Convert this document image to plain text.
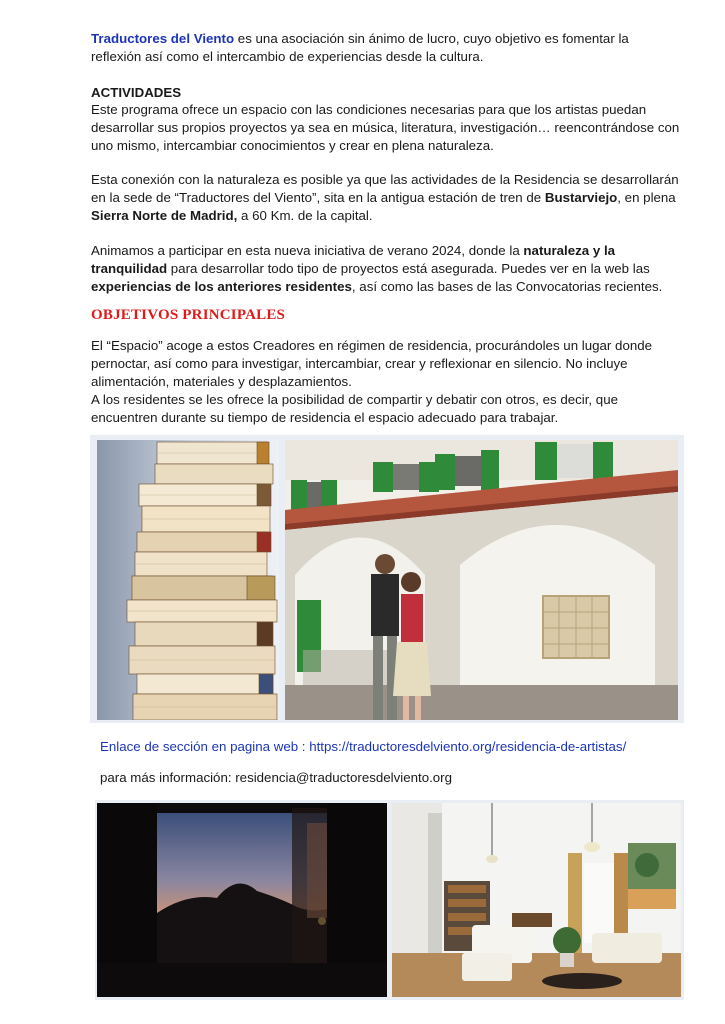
Traductores del Viento es una asociación sin ánimo de lucro, cuyo objetivo es fomentar la reflexión así como el intercambio de experiencias desde la cultura.

ACTIVIDADES

Este programa ofrece un espacio con las condiciones necesarias para que los artistas puedan desarrollar sus propios proyectos ya sea en música, literatura, investigación… reencontrándose con uno mismo, intercambiar conocimientos y crear en plena naturaleza.

Esta conexión con la naturaleza es posible ya que las actividades de la Residencia se desarrollarán en la sede de “Traductores del Viento”, sita en la antigua estación de tren de Bustarviejo, en plena Sierra Norte de Madrid, a 60 Km. de la capital.

Animamos a participar en esta nueva iniciativa de verano 2024, donde la naturaleza y la tranquilidad para desarrollar todo tipo de proyectos está asegurada. Puedes ver en la web las experiencias de los anteriores residentes, así como las bases de las Convocatorias recientes.

OBJETIVOS PRINCIPALES

El “Espacio” acoge a estos Creadores en régimen de residencia, procurándoles un lugar donde pernoctar, así como para investigar, intercambiar, crear y reflexionar en silencio. No incluye alimentación, materiales y desplazamientos.

A los residentes se les ofrece la posibilidad de compartir y debatir con otros, es decir, que encuentren durante su tiempo de residencia el espacio adecuado para trabajar.

Enlace de sección en pagina web : https://traductoresdelviento.org/residencia-de-artistas/

para más información: residencia@traductoresdelviento.org
